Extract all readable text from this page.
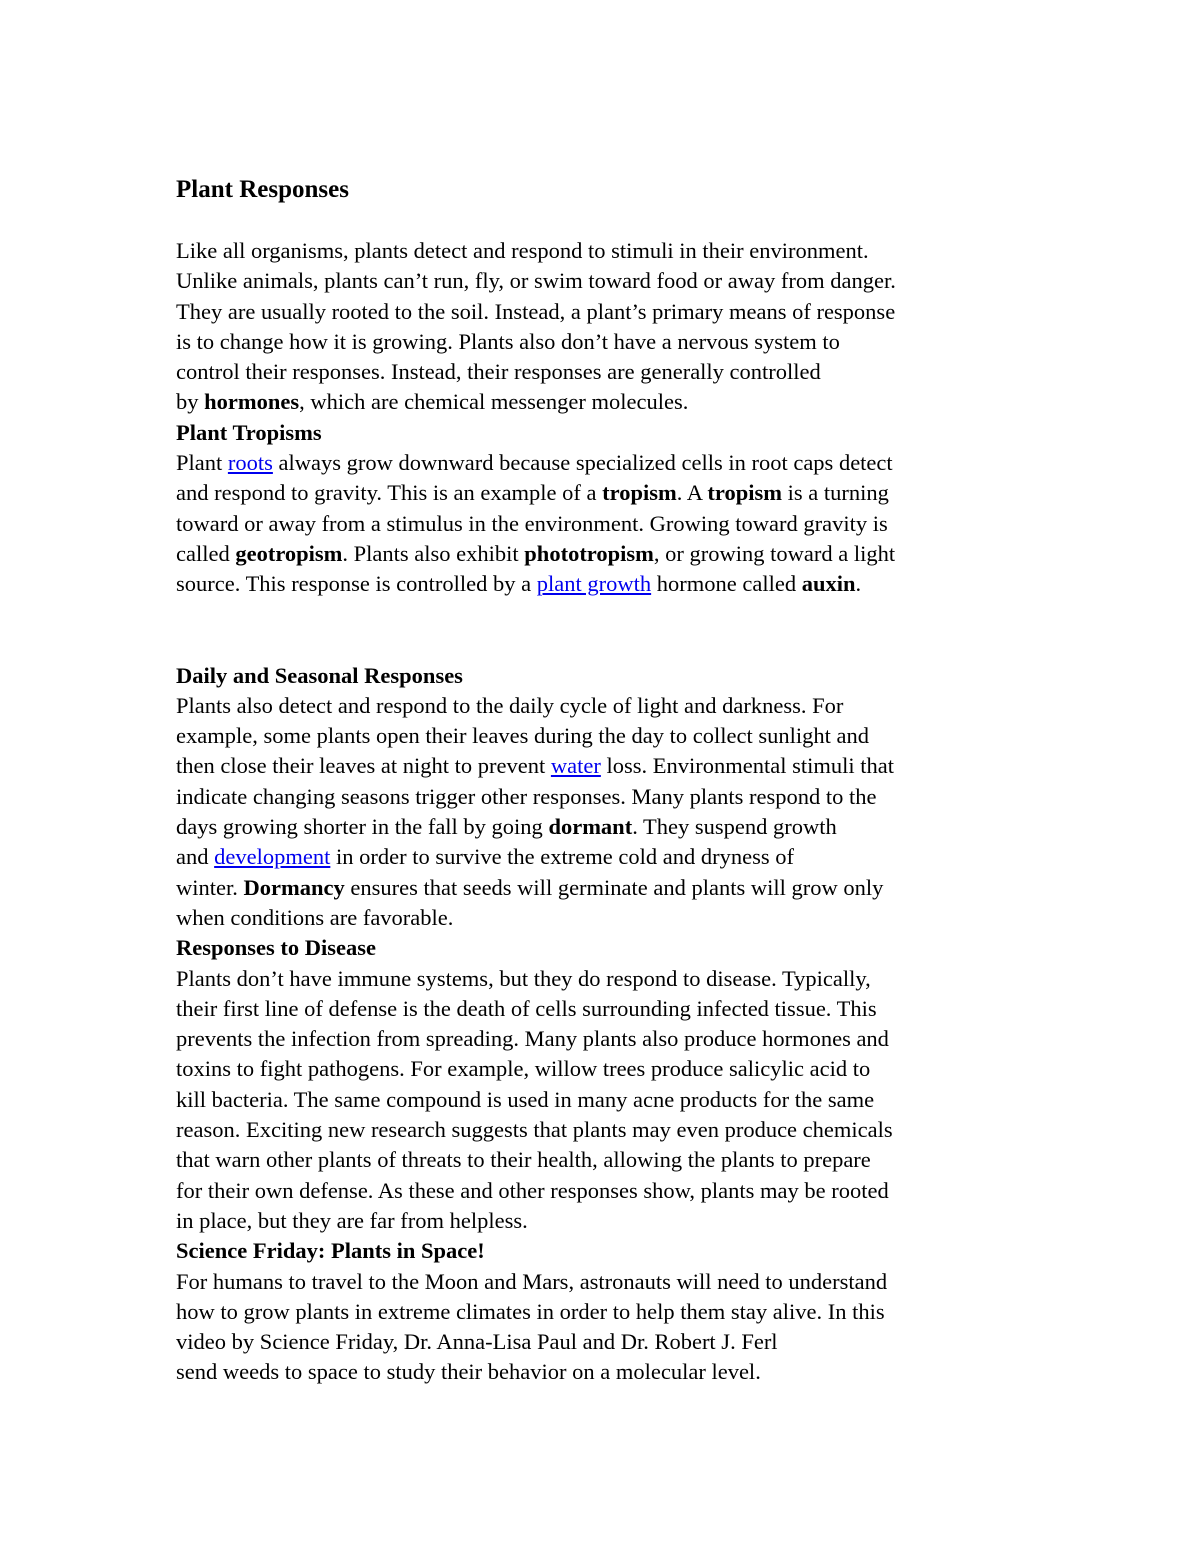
Plant Responses

Like all organisms, plants detect and respond to stimuli in their environment.
Unlike animals, plants can’t run, fly, or swim toward food or away from danger.
They are usually rooted to the soil. Instead, a plant’s primary means of response
is to change how it is growing. Plants also don’t have a nervous system to
control their responses. Instead, their responses are generally controlled
by hormones, which are chemical messenger molecules.

Plant Tropisms

Plant roots always grow downward because specialized cells in root caps detect
and respond to gravity. This is an example of a tropism. A tropism is a turning
toward or away from a stimulus in the environment. Growing toward gravity is
called geotropism. Plants also exhibit phototropism, or growing toward a light
source. This response is controlled by a plant growth hormone called auxin.

Daily and Seasonal Responses

Plants also detect and respond to the daily cycle of light and darkness. For
example, some plants open their leaves during the day to collect sunlight and
then close their leaves at night to prevent water loss. Environmental stimuli that
indicate changing seasons trigger other responses. Many plants respond to the
days growing shorter in the fall by going dormant. They suspend growth
and development in order to survive the extreme cold and dryness of
winter. Dormancy ensures that seeds will germinate and plants will grow only
when conditions are favorable.

Responses to Disease

Plants don’t have immune systems, but they do respond to disease. Typically,
their first line of defense is the death of cells surrounding infected tissue. This
prevents the infection from spreading. Many plants also produce hormones and
toxins to fight pathogens. For example, willow trees produce salicylic acid to
kill bacteria. The same compound is used in many acne products for the same
reason. Exciting new research suggests that plants may even produce chemicals
that warn other plants of threats to their health, allowing the plants to prepare
for their own defense. As these and other responses show, plants may be rooted
in place, but they are far from helpless.

Science Friday: Plants in Space!

For humans to travel to the Moon and Mars, astronauts will need to understand
how to grow plants in extreme climates in order to help them stay alive. In this
video by Science Friday, Dr. Anna-Lisa Paul and Dr. Robert J. Ferl
send weeds to space to study their behavior on a molecular level.
